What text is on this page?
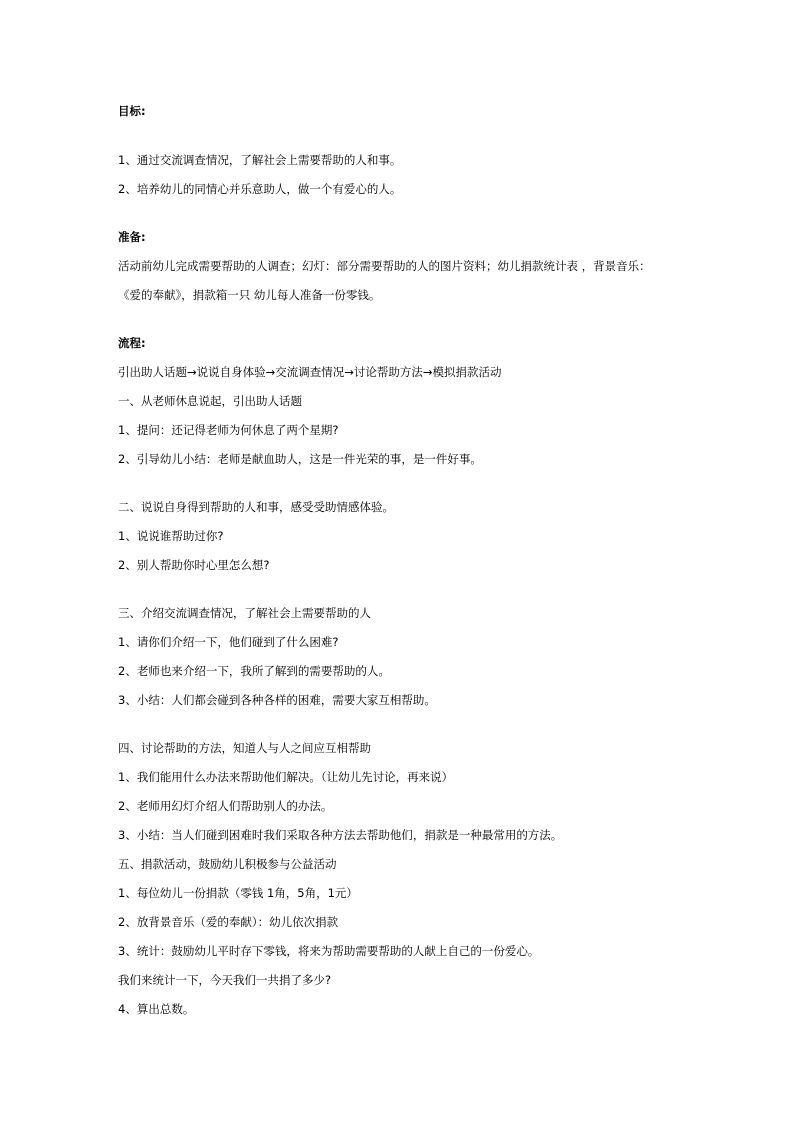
目标:
1、通过交流调查情况，了解社会上需要帮助的人和事。
2、培养幼儿的同情心并乐意助人，做一个有爱心的人。
准备:
活动前幼儿完成需要帮助的人调查；幻灯：部分需要帮助的人的图片资料；幼儿捐款统计表 ，背景音乐：
《爱的奉献》，捐款箱一只 幼儿每人准备一份零钱。
流程:
引出助人话题→说说自身体验→交流调查情况→讨论帮助方法→模拟捐款活动
一、从老师休息说起，引出助人话题
1、提问：还记得老师为何休息了两个星期?
2、引导幼儿小结：老师是献血助人，这是一件光荣的事，是一件好事。
二、说说自身得到帮助的人和事，感受受助情感体验。
1、说说谁帮助过你?
2、别人帮助你时心里怎么想?
三、介绍交流调查情况，了解社会上需要帮助的人
1、请你们介绍一下，他们碰到了什么困难?
2、老师也来介绍一下，我所了解到的需要帮助的人。
3、小结：人们都会碰到各种各样的困难，需要大家互相帮助。
四、讨论帮助的方法，知道人与人之间应互相帮助
1、我们能用什么办法来帮助他们解决。（让幼儿先讨论，再来说）
2、老师用幻灯介绍人们帮助别人的办法。
3、小结：当人们碰到困难时我们采取各种方法去帮助他们，捐款是一种最常用的方法。
五、捐款活动，鼓励幼儿积极参与公益活动
1、每位幼儿一份捐款（零钱 1角，5角，1元）
2、放背景音乐（爱的奉献）：幼儿依次捐款
3、统计：鼓励幼儿平时存下零钱，将来为帮助需要帮助的人献上自己的一份爱心。
我们来统计一下，今天我们一共捐了多少?
4、算出总数。
